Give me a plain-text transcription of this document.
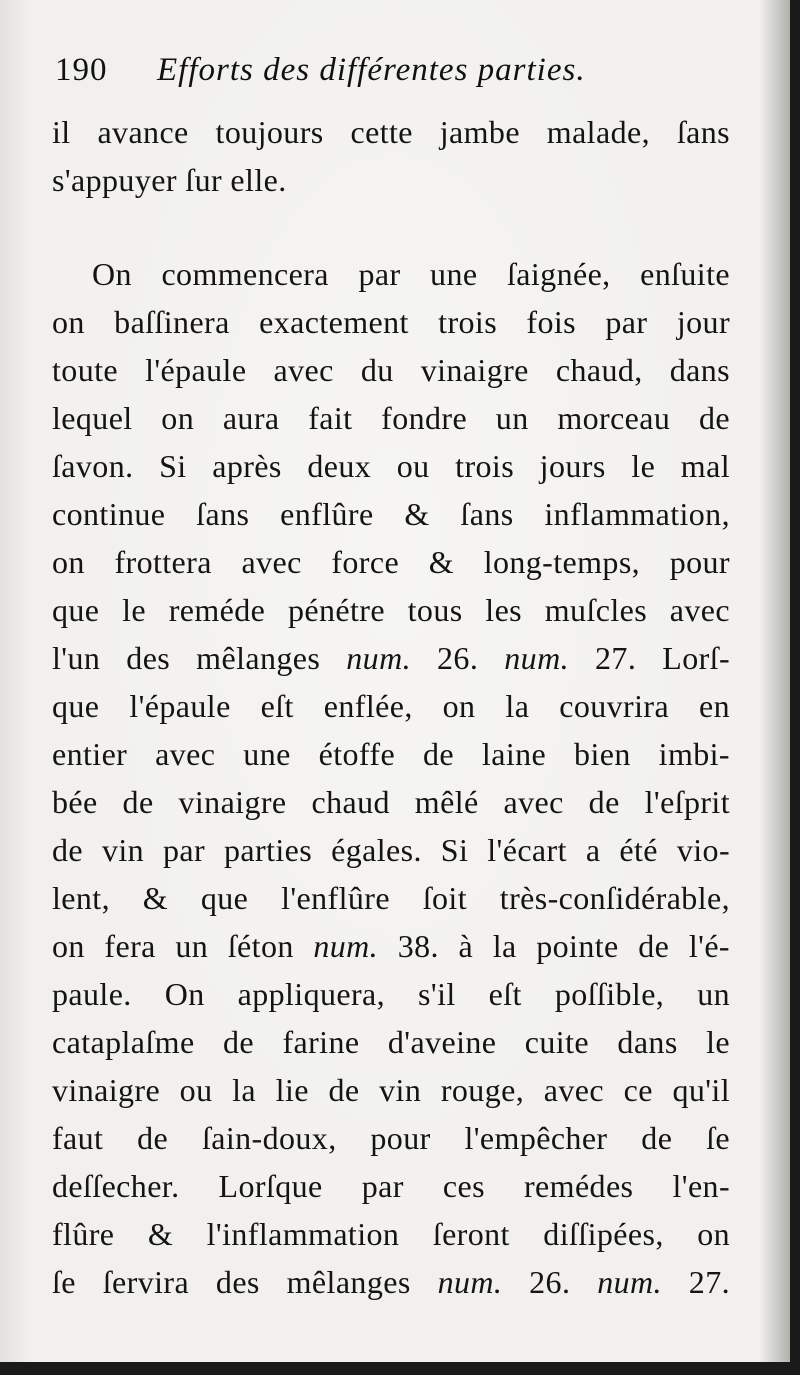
190 Efforts des différentes parties.
il avance toujours cette jambe malade, ſans
s'appuyer ſur elle.
On commencera par une ſaignée, enſuite
on baſſinera exactement trois fois par jour
toute l'épaule avec du vinaigre chaud, dans
lequel on aura fait fondre un morceau de
ſavon. Si après deux ou trois jours le mal
continue ſans enflûre & ſans inflammation,
on frottera avec force & long-temps, pour
que le reméde pénétre tous les muſcles avec
l'un des mêlanges num. 26. num. 27. Lorſ-
que l'épaule eſt enflée, on la couvrira en
entier avec une étoffe de laine bien imbi-
bée de vinaigre chaud mêlé avec de l'eſprit
de vin par parties égales. Si l'écart a été vio-
lent, & que l'enflûre ſoit très-conſidérable,
on fera un ſéton num. 38. à la pointe de l'é-
paule. On appliquera, s'il eſt poſſible, un
cataplaſme de farine d'aveine cuite dans le
vinaigre ou la lie de vin rouge, avec ce qu'il
faut de ſain-doux, pour l'empêcher de ſe
deſſecher. Lorſque par ces remédes l'en-
flûre & l'inflammation ſeront diſſipées, on
ſe ſervira des mêlanges num. 26. num. 27.
